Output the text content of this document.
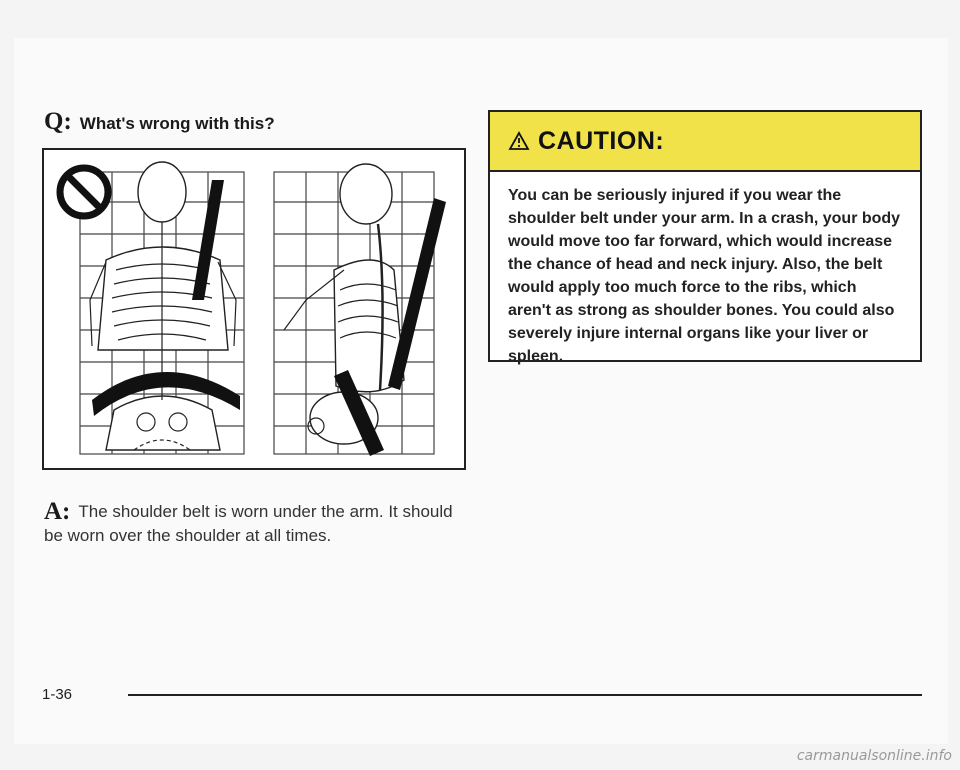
Q: What's wrong with this?
A: The shoulder belt is worn under the arm. It should be worn over the shoulder at all times.
CAUTION:
You can be seriously injured if you wear the shoulder belt under your arm. In a crash, your body would move too far forward, which would increase the chance of head and neck injury. Also, the belt would apply too much force to the ribs, which aren't as strong as shoulder bones. You could also severely injure internal organs like your liver or spleen.
1-36
carmanualsonline.info
